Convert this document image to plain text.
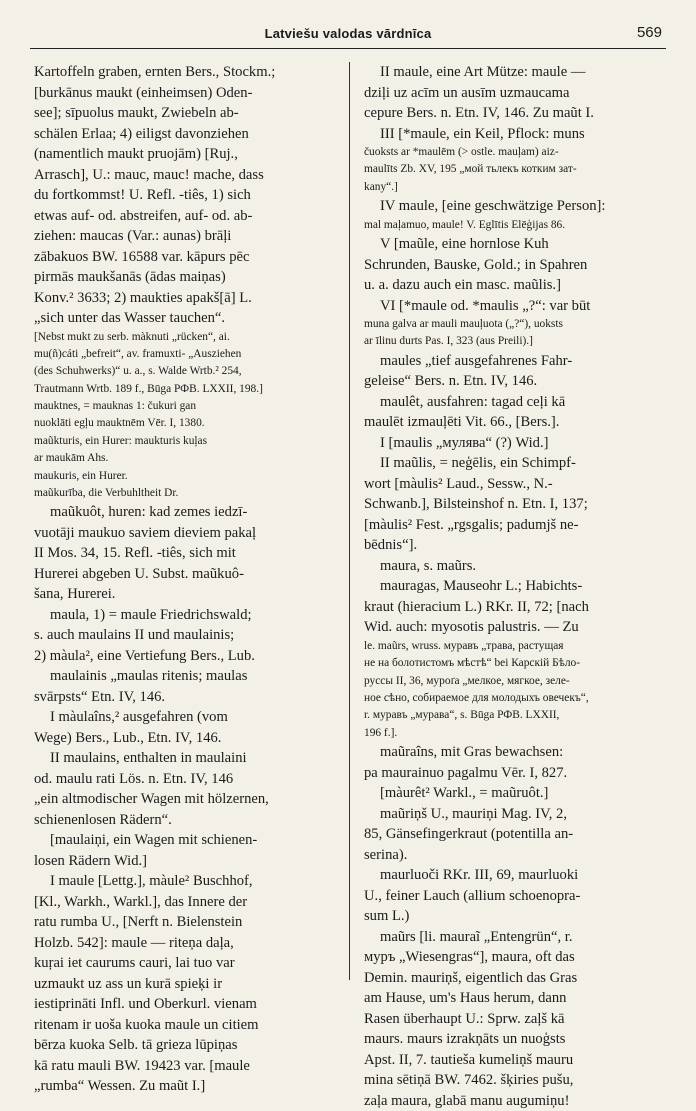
Latviešu valodas vārdnīca	569
Kartoffeln graben, ernten Bers., Stockm.;
[burkānus maukt (einheimsen) Oden-
see]; sīpuolus maukt, Zwiebeln ab-
schälen Erlaa; 4) eiligst davonziehen
(namentlich maukt pruojām) [Ruj.,
Arrasch], U.: mauc, mauc! mache, dass
du fortkommst! U. Refl. -tiês, 1) sich
etwas auf- od. abstreifen, auf- od. ab-
ziehen: maucas (Var.: aunas) brāļi
zābakuos BW. 16588 var. kāpurs pēc
pirmās maukšanās (ādas maiņas)
Konv.² 3633; 2) maukties apakš[ā] L.
„sich unter das Wasser tauchen“.
[Nebst mukt zu serb. màknuti „rücken“, ai.
mu(ñ)cáti „befreit“, av. framuxti- „Ausziehen
(des Schuhwerks)“ u. a., s. Walde Wrtb.² 254,
Trautmann Wrtb. 189 f., Būga РФВ. LXXII, 198.]
mauktnes, = mauknas 1: čukuri gan
nuoklāti egļu mauktnēm Vēr. I, 1380.
maũkturis, ein Hurer: maukturis kuļas
ar maukām Ahs.
maukuris, ein Hurer.
maũkurība, die Verbuhltheit Dr.
maũkuôt, huren: kad zemes iedzī-
vuotāji maukuo saviem dieviem pakaļ
II Mos. 34, 15. Refl. -tiês, sich mit
Hurerei abgeben U. Subst. maũkuô-
šana, Hurerei.
maula, 1) = maule Friedrichswald;
s. auch maulains II und maulainis;
2) màula², eine Vertiefung Bers., Lub.
maulainis „maulas ritenis; maulas
svārpsts“ Etn. IV, 146.
I màulaîns,² ausgefahren (vom
Wege) Bers., Lub., Etn. IV, 146.
II maulains, enthalten in maulaini
od. maulu rati Lös. n. Etn. IV, 146
„ein altmodischer Wagen mit hölzernen,
schienenlosen Rädern“.
[maulaiņi, ein Wagen mit schienen-
losen Rädern Wid.]
I maule [Lettg.], màule² Buschhof,
[Kl., Warkh., Warkl.], das Innere der
ratu rumba U., [Nerft n. Bielenstein
Holzb. 542]: maule — riteņa daļa,
kuŗai iet caurums cauri, lai tuo var
uzmaukt uz ass un kurā spieķi ir
iestiprināti Infl. und Oberkurl. vienam
ritenam ir uoša kuoka maule un citiem
bērza kuoka Selb. tā grieza lūpiņas
kā ratu mauli BW. 19423 var. [maule
„rumba“ Wessen. Zu maũt I.]
II maule, eine Art Mütze: maule —
dziļi uz acīm un ausīm uzmaucama
cepure Bers. n. Etn. IV, 146. Zu maũt I.
III [*maule, ein Keil, Pflock: muns
čuoksts ar *maulēm (> ostle. mauļam) aiz-
maulīts Zb. XV, 195 „мой тьлекъ котким зат-
kany“.]
IV maule, [eine geschwätzige Person]:
mal maļamuo, maule! V. Eglītis Elēģijas 86.
V [maũle, eine hornlose Kuh
Schrunden, Bauske, Gold.; in Spahren
u. a. dazu auch ein masc. maũlis.]
VI [*maule od. *maulis „?“: var būt
muna galva ar mauli mauļuota („?“), uoksts
ar īlinu durts Pas. I, 323 (aus Preili).]
maules „tief ausgefahrenes Fahr-
geleise“ Bers. n. Etn. IV, 146.
maulêt, ausfahren: tagad ceļi kā
maulēt izmauļēti Vit. 66., [Bers.].
I [maulis „мулява“ (?) Wid.]
II maũlis, = neģēlis, ein Schimpf-
wort [màulis² Laud., Sessw., N.-
Schwanb.], Bilsteinshof n. Etn. I, 137;
[màulis² Fest. „rgsgalis; padumjš ne-
bēdnis“].
maura, s. maũrs.
mauragas, Mauseohr L.; Habichts-
kraut (hieracium L.) RKr. II, 72; [nach
Wid. auch: myosotis palustris. — Zu
le. maũrs, wruss. муравъ „трава, растущая
не на болотистомъ мѣстѣ“ bei Карскій Бѣло-
руссы II, 36, муроґа „мелкое, мягкое, зеле-
ное сѣно, собираемое для молодыхъ овечекъ“,
r. муравъ „мурава“, s. Būga РФВ. LXXII,
196 f.].
maũraîns, mit Gras bewachsen:
pa maurainuo pagalmu Vēr. I, 827.
[màurêt² Warkl., = maũruôt.]
maũriņš U., mauriņi Mag. IV, 2,
85, Gänsefingerkraut (potentilla an-
serina).
maurluoči RKr. III, 69, maurluoki
U., feiner Lauch (allium schoenopra-
sum L.)
maũrs [li. mauraĩ „Entengrün“, r.
муръ „Wiesengras“], maura, oft das
Demin. mauriņš, eigentlich das Gras
am Hause, um's Haus herum, dann
Rasen überhaupt U.: Sprw. zaļš kā
maurs. maurs izrakņāts un nuoģsts
Apst. II, 7. tautiešа kumeliņš mauru
mina sētiņā BW. 7462. šķiries pušu,
zaļa maura, glabā manu augumiņu!
